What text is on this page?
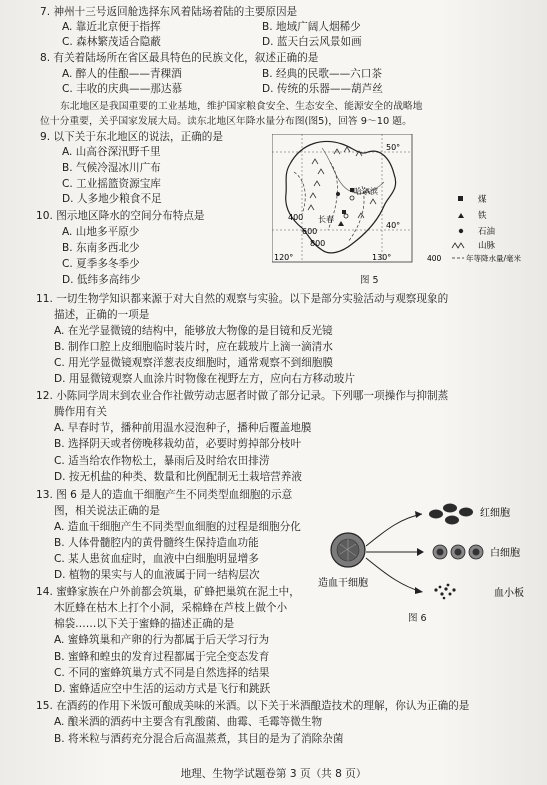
7. 神州十三号返回舱选择东风着陆场着陆的主要原因是
A. 靠近北京便于指挥	B. 地域广阔人烟稀少
C. 森林繁茂适合隐蔽	D. 蓝天白云风景如画
8. 有关着陆场所在省区最具特色的民族文化，叙述正确的是
A. 醉人的佳酿——青稞酒	B. 经典的民歌——六口茶
C. 丰收的庆典——那达慕	D. 传统的乐器——葫芦丝
东北地区是我国重要的工业基地，维护国家粮食安全、生态安全、能源安全的战略地
位十分重要，关乎国家发展大局。读东北地区年降水量分布图(图5)，回答 9～10 题。
9. 以下关于东北地区的说法，正确的是
A. 山高谷深汛野千里
B. 气候冷湿冰川广布
C. 工业摇篮资源宝库
D. 人多地少粮食不足
10. 图示地区降水的空间分布特点是
A. 山地多平原少
B. 东南多西北少
C. 夏季多冬季少
D. 低纬多高纬少
50°
40°
130°
120°
哈尔滨
长春
400
600
800
煤
铁
石油
山脉
400	年等降水量/毫米
图 5
11. 一切生物学知识都来源于对大自然的观察与实验。以下是部分实验活动与观察现象的
描述，正确的一项是
A. 在光学显微镜的结构中，能够放大物像的是目镜和反光镜
B. 制作口腔上皮细胞临时装片时，应在载玻片上滴一滴清水
C. 用光学显微镜观察洋葱表皮细胞时，通常观察不到细胞膜
D. 用显微镜观察人血涂片时物像在视野左方，应向右方移动玻片
12. 小陈同学周末到农业合作社做劳动志愿者时做了部分记录。下列哪一项操作与抑制蒸
腾作用有关
A. 早春时节，播种前用温水浸泡种子，播种后覆盖地膜
B. 选择阴天或者傍晚移栽幼苗，必要时剪掉部分枝叶
C. 适当给农作物松土，暴雨后及时给农田排涝
D. 按无机盐的种类、数量和比例配制无土栽培营养液
13. 图 6 是人的造血干细胞产生不同类型血细胞的示意
图，相关说法正确的是
A. 造血干细胞产生不同类型血细胞的过程是细胞分化
B. 人体骨髓腔内的黄骨髓终生保持造血功能
C. 某人患贫血症时，血液中白细胞明显增多
D. 植物的果实与人的血液属于同一结构层次
造血干细胞
红细胞
白细胞
血小板
图 6
14. 蜜蜂家族在户外前都会筑巢，矿蜂把巢筑在泥土中，
木匠蜂在枯木上打个小洞，采棉蜂在芦枝上做个小
棉袋……以下关于蜜蜂的描述正确的是
A. 蜜蜂筑巢和产卵的行为都属于后天学习行为
B. 蜜蜂和蝗虫的发育过程都属于完全变态发育
C. 不同的蜜蜂筑巢方式不同是自然选择的结果
D. 蜜蜂适应空中生活的运动方式是飞行和跳跃
15. 在酒药的作用下米饭可酿成美味的米酒。以下关于米酒酿造技术的理解，你认为正确的是
A. 酿米酒的酒药中主要含有乳酸菌、曲霉、毛霉等微生物
B. 将米粒与酒药充分混合后高温蒸煮，其目的是为了消除杂菌
地理、生物学试题卷第 3 页（共 8 页）
